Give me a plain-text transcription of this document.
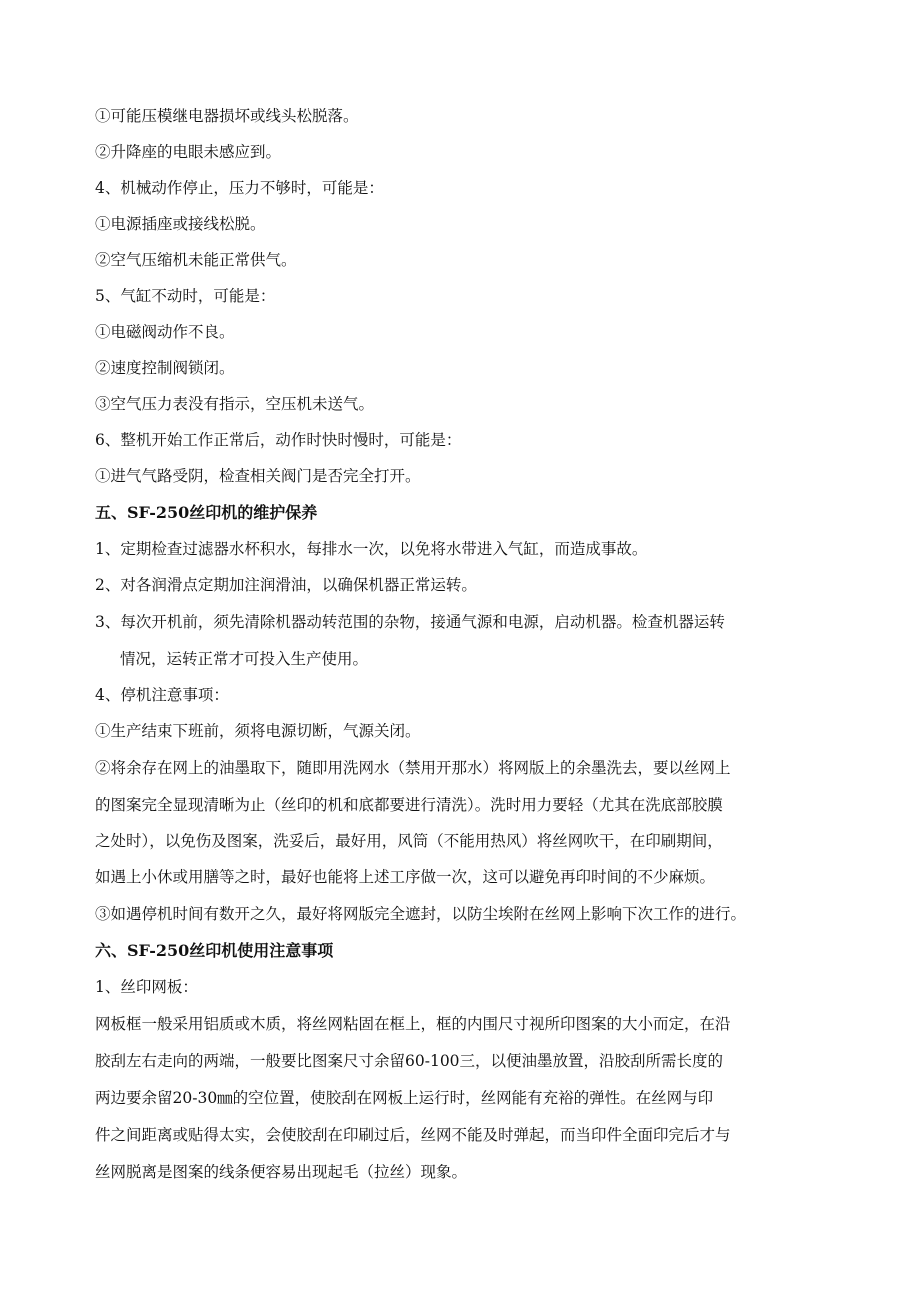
①可能压模继电器损坏或线头松脱落。
②升降座的电眼未感应到。
4、机械动作停止，压力不够时，可能是：
①电源插座或接线松脱。
②空气压缩机未能正常供气。
5、气缸不动时，可能是：
①电磁阀动作不良。
②速度控制阀锁闭。
③空气压力表没有指示，空压机未送气。
6、整机开始工作正常后，动作时快时慢时，可能是：
①进气气路受阴，检查相关阀门是否完全打开。
五、SF-250丝印机的维护保养
1、定期检查过滤器水杯积水，每排水一次，以免将水带进入气缸，而造成事故。
2、对各润滑点定期加注润滑油，以确保机器正常运转。
3、每次开机前，须先清除机器动转范围的杂物，接通气源和电源，启动机器。检查机器运转
情况，运转正常才可投入生产使用。
4、停机注意事项：
①生产结束下班前，须将电源切断，气源关闭。
②将余存在网上的油墨取下，随即用洗网水（禁用开那水）将网版上的余墨洗去，要以丝网上
的图案完全显现清晰为止（丝印的机和底都要进行清洗）。洗时用力要轻（尤其在洗底部胶膜
之处时），以免伤及图案，洗妥后，最好用，风筒（不能用热风）将丝网吹干，在印刷期间，
如遇上小休或用膳等之时，最好也能将上述工序做一次，这可以避免再印时间的不少麻烦。
③如遇停机时间有数开之久，最好将网版完全遮封，以防尘埃附在丝网上影响下次工作的进行。
六、SF-250丝印机使用注意事项
1、丝印网板：
网板框一般采用铝质或木质，将丝网粘固在框上，框的内围尺寸视所印图案的大小而定，在沿
胶刮左右走向的两端，一般要比图案尺寸余留60-100三，以便油墨放置，沿胶刮所需长度的
两边要余留20-30㎜的空位置，使胶刮在网板上运行时，丝网能有充裕的弹性。在丝网与印
件之间距离或贴得太实，会使胶刮在印刷过后，丝网不能及时弹起，而当印件全面印完后才与
丝网脱离是图案的线条便容易出现起毛（拉丝）现象。
